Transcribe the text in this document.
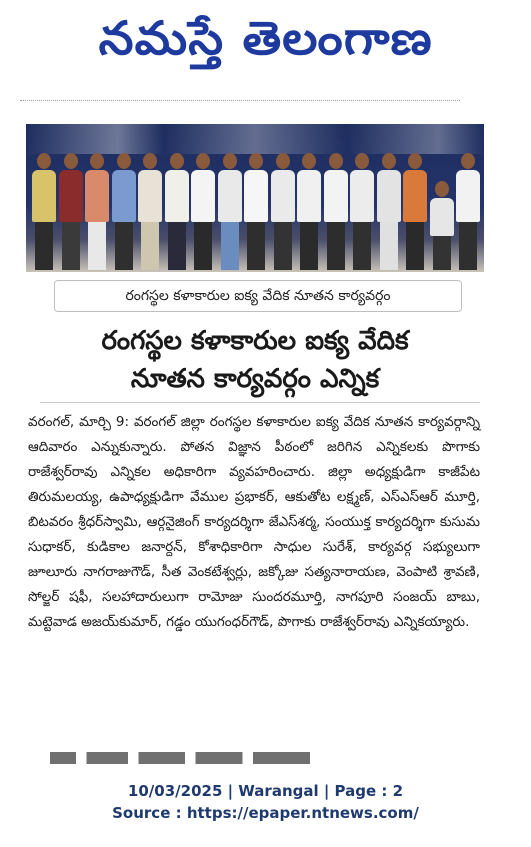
నమస్తే తెలంగాణ
రంగస్థల కళాకారుల ఐక్య వేదిక నూతన కార్యవర్గం
రంగస్థల కళాకారుల ఐక్య వేదిక
నూతన కార్యవర్గం ఎన్నిక
వరంగల్, మార్చి 9: వరంగల్ జిల్లా రంగస్థల కళాకారుల ఐక్య వేదిక నూతన కార్యవర్గాన్ని ఆదివారం ఎన్నుకున్నారు. పోతన విజ్ఞాన పీఠంలో జరిగిన ఎన్నికలకు పొగాకు రాజేశ్వర్‌రావు ఎన్నికల అధికారిగా వ్యవహరించారు. జిల్లా అధ్యక్షుడిగా కాజీపేట తిరుమలయ్య, ఉపాధ్యక్షుడిగా వేముల ప్రభాకర్, ఆకుతోట లక్ష్మణ్, ఎస్ఎస్‌ఆర్ మూర్తి, బిటవరం శ్రీధర్‌స్వామి, ఆర్గనైజింగ్ కార్యదర్శిగా జేఎస్‌శర్మ, సంయుక్త కార్యదర్శిగా కుసుమ సుధాకర్, కుడికాల జనార్దన్, కోశాధికారిగా సాధుల సురేశ్, కార్యవర్గ సభ్యులుగా జూలూరు నాగరాజుగౌడ్, సీత వెంకటేశ్వర్లు, జక్కోజు సత్యనారాయణ, వెంపాటి శ్రావణి, సోల్జర్ షఫీ, సలహాదారులుగా రామోజు సుందరమూర్తి, నాగపూరి సంజయ్ బాబు, మట్టెవాడ అజయ్‌కుమార్, గడ్డం యుగంధర్‌గౌడ్, పొగాకు రాజేశ్వర్‌రావు ఎన్నికయ్యారు.
10/03/2025 | Warangal | Page : 2
Source : https://epaper.ntnews.com/
